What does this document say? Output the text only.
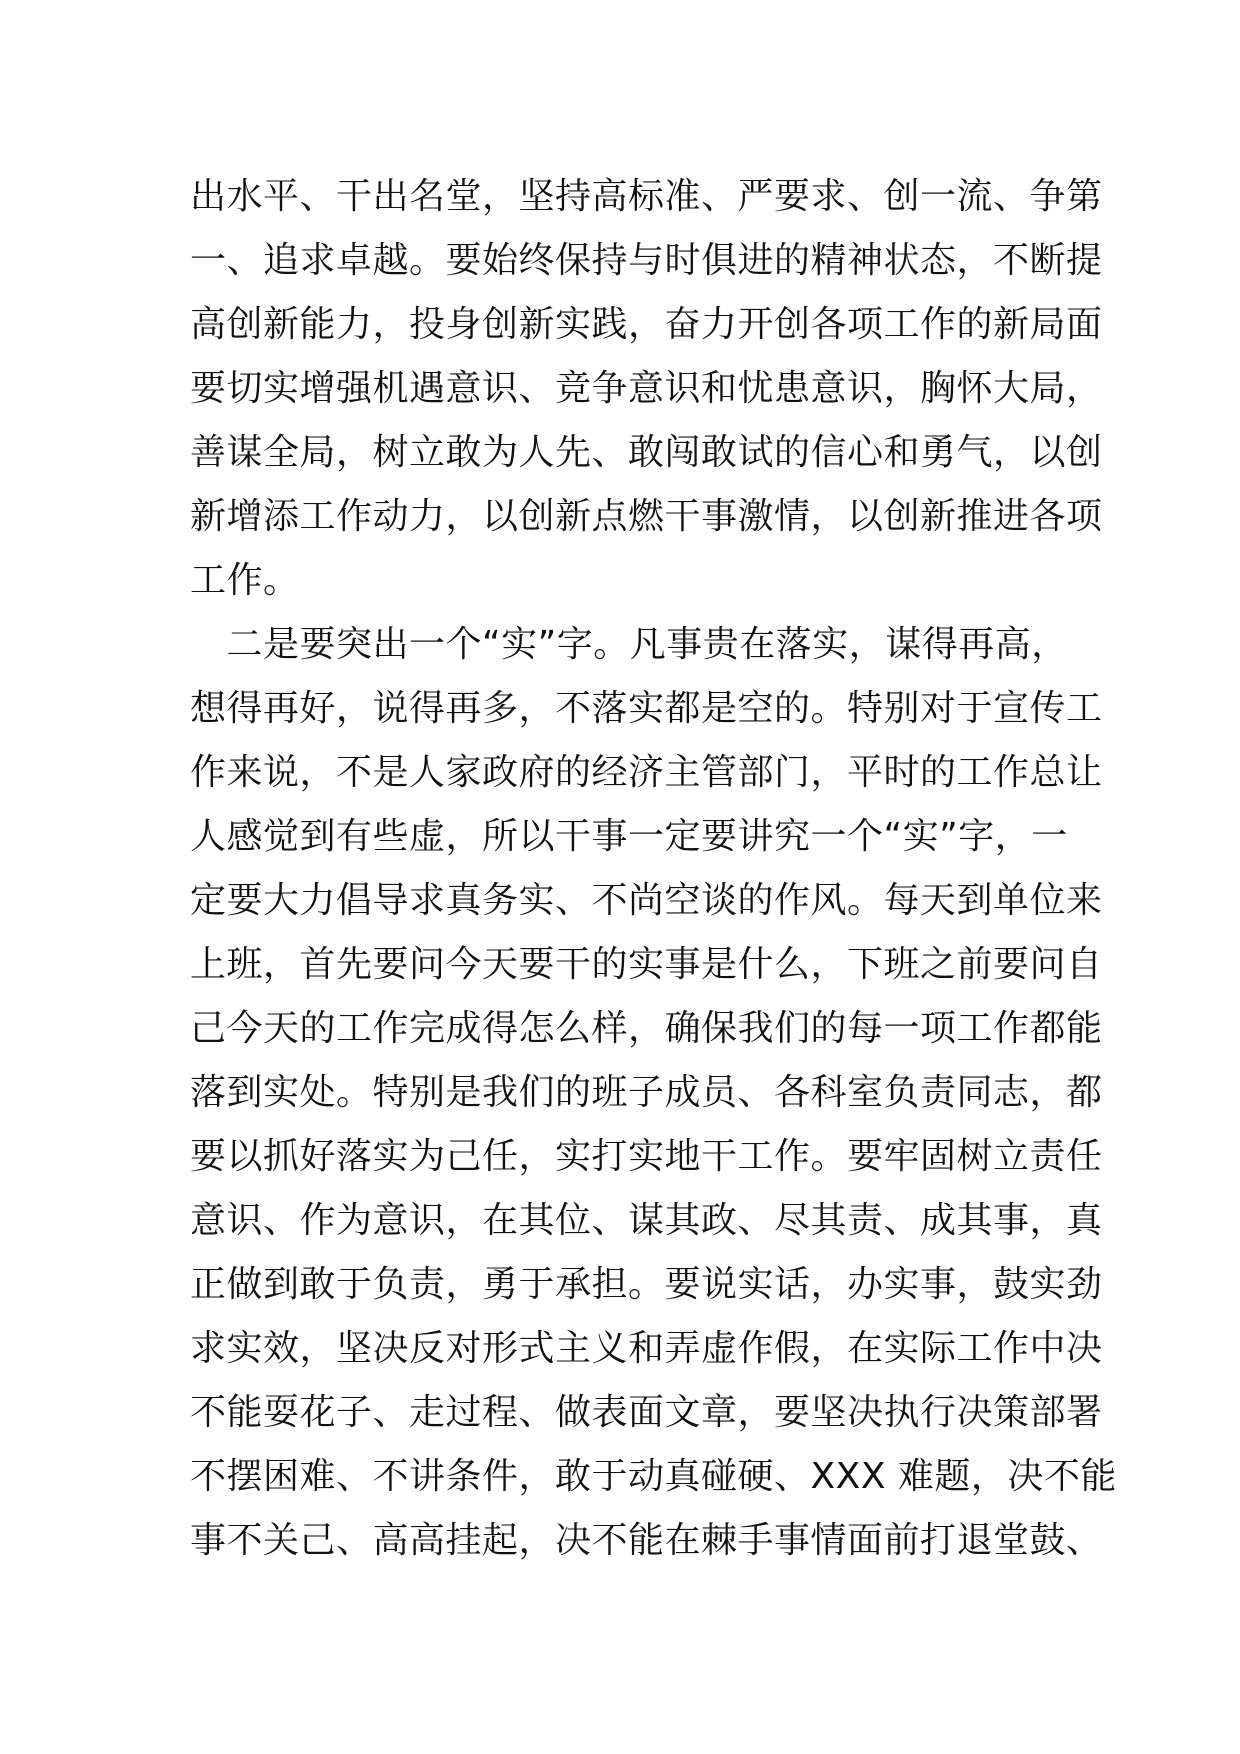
出水平、干出名堂，坚持高标准、严要求、创一流、争第
一、追求卓越。要始终保持与时俱进的精神状态，不断提
高创新能力，投身创新实践，奋力开创各项工作的新局面
要切实增强机遇意识、竞争意识和忧患意识，胸怀大局，
善谋全局，树立敢为人先、敢闯敢试的信心和勇气，以创
新增添工作动力，以创新点燃干事激情，以创新推进各项
工作。
　二是要突出一个“实”字。凡事贵在落实，谋得再高，
想得再好，说得再多，不落实都是空的。特别对于宣传工
作来说，不是人家政府的经济主管部门，平时的工作总让
人感觉到有些虚，所以干事一定要讲究一个“实”字，一
定要大力倡导求真务实、不尚空谈的作风。每天到单位来
上班，首先要问今天要干的实事是什么，下班之前要问自
己今天的工作完成得怎么样，确保我们的每一项工作都能
落到实处。特别是我们的班子成员、各科室负责同志，都
要以抓好落实为己任，实打实地干工作。要牢固树立责任
意识、作为意识，在其位、谋其政、尽其责、成其事，真
正做到敢于负责，勇于承担。要说实话，办实事，鼓实劲
求实效，坚决反对形式主义和弄虚作假，在实际工作中决
不能耍花子、走过程、做表面文章，要坚决执行决策部署
不摆困难、不讲条件，敢于动真碰硬、XXX 难题，决不能
事不关己、高高挂起，决不能在棘手事情面前打退堂鼓、
